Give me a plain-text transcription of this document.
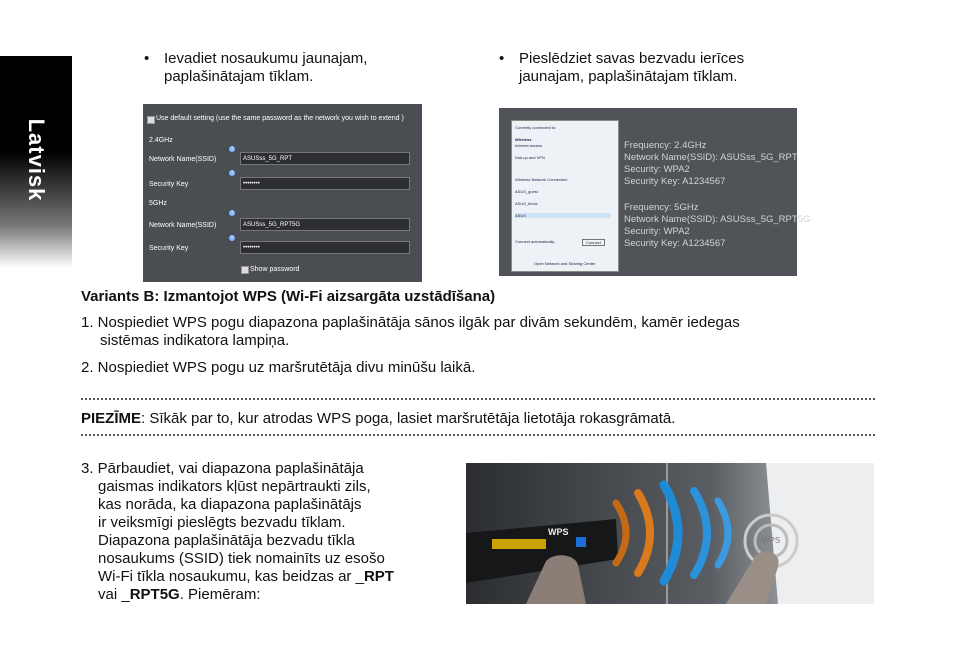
Latvisk
• Ievadiet nosaukumu jaunajam,
paplašinātajam tīklam.
• Pieslēdziet savas bezvadu ierīces
jaunajam, paplašinātajam tīklam.
Use default setting (use the same password as the network you wish to extend )
2.4GHz
i
Network Name(SSID)	ASUSss_5G_RPT
i
Security Key	••••••••
5GHz
i
Network Name(SSID)	ASUSss_5G_RPT5G
i
Security Key	••••••••
Show password
Currently connected to:
Wireless
Internet access
Dial-up and VPN
Wireless Network Connection
ASUS_guest
ASUS_block
ASUS
Connect automatically	Connect
Open Network and Sharing Center
Frequency: 2.4GHz
Network Name(SSID): ASUSss_5G_RPT
Security: WPA2
Security Key: A1234567
Frequency: 5GHz
Network Name(SSID): ASUSss_5G_RPT5G
Security: WPA2
Security Key: A1234567
Variants B: Izmantojot WPS (Wi-Fi aizsargāta uzstādīšana)
1. Nospiediet WPS pogu diapazona paplašinātāja sānos ilgāk par divām sekundēm, kamēr iedegas
sistēmas indikatora lampiņa.
2. Nospiediet WPS pogu uz maršrutētāja divu minūšu laikā.
PIEZĪME: Sīkāk par to, kur atrodas WPS poga, lasiet maršrutētāja lietotāja rokasgrāmatā.
3. Pārbaudiet, vai diapazona paplašinātāja
gaismas indikators kļūst nepārtraukti zils,
kas norāda, ka diapazona paplašinātājs
ir veiksmīgi pieslēgts bezvadu tīklam.
Diapazona paplašinātāja bezvadu tīkla
nosaukums (SSID) tiek nomainīts uz esošo
Wi-Fi tīkla nosaukumu, kas beidzas ar _RPT
vai _RPT5G. Piemēram:
WPS
WPS
